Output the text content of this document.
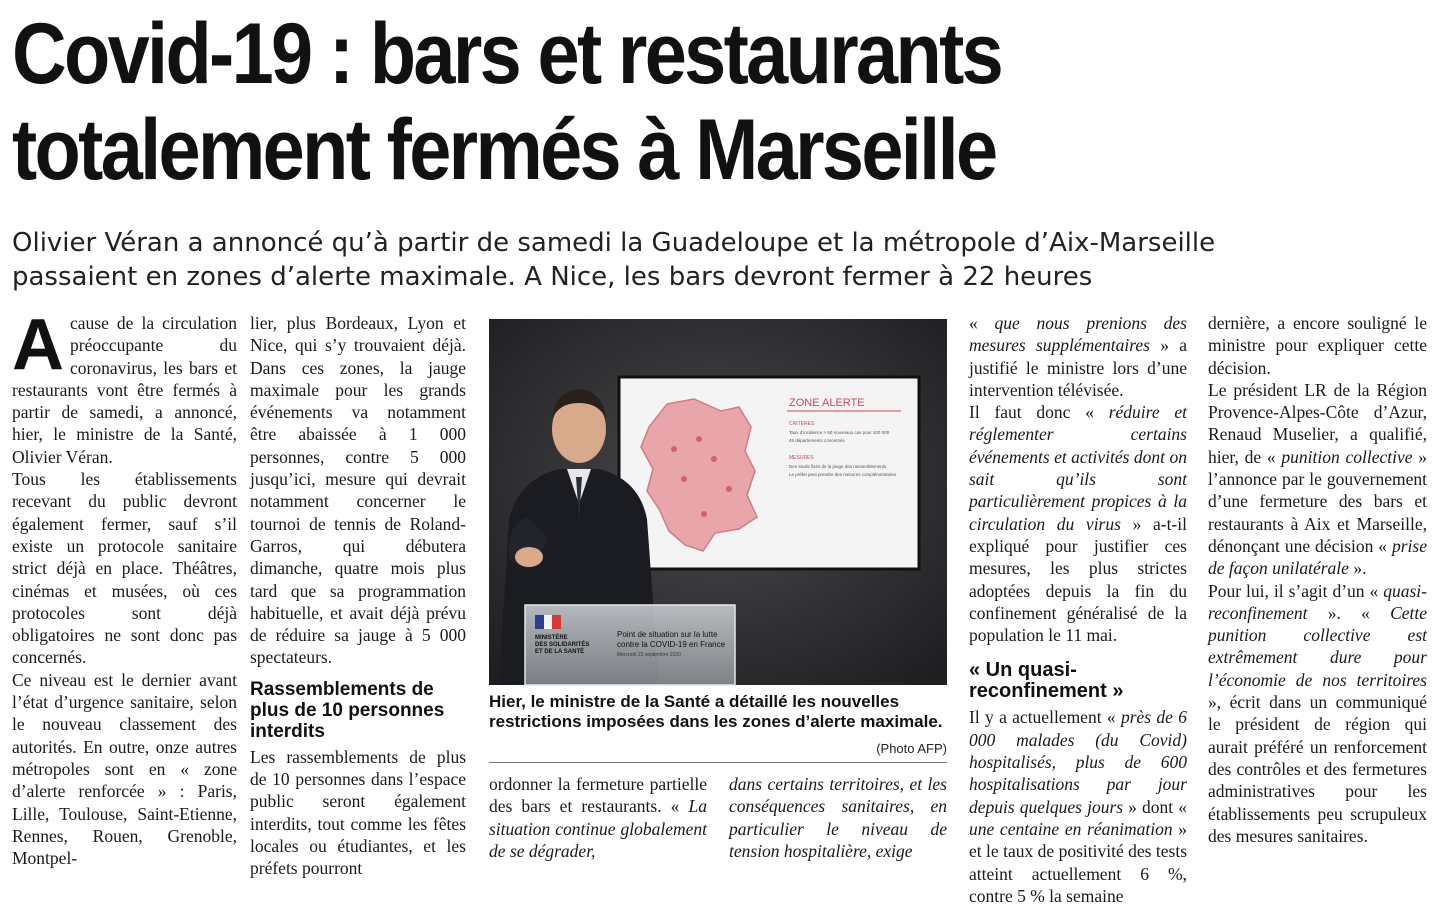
Covid-19 : bars et restaurants
totalement fermés à Marseille
Olivier Véran a annoncé qu’à partir de samedi la Guadeloupe et la métropole d’Aix-Marseille
passaient en zones d’alerte maximale. A Nice, les bars devront fermer à 22 heures

Acause de la circulation préoccupante du coronavirus, les bars et restaurants vont être fermés à partir de samedi, a annoncé, hier, le ministre de la Santé, Olivier Véran.

Tous les établissements recevant du public devront également fermer, sauf s’il existe un protocole sanitaire strict déjà en place. Théâtres, cinémas et musées, où ces protocoles sont déjà obligatoires ne sont donc pas concernés.

Ce niveau est le dernier avant l’état d’urgence sanitaire, selon le nouveau classement des autorités. En outre, onze autres métropoles sont en « zone d’alerte renforcée » : Paris, Lille, Toulouse, Saint-Etienne, Rennes, Rouen, Grenoble, Montpel-

lier, plus Bordeaux, Lyon et Nice, qui s’y trouvaient déjà. Dans ces zones, la jauge maximale pour les grands événements va notamment être abaissée à 1 000 personnes, contre 5 000 jusqu’ici, mesure qui devrait notamment concerner le tournoi de tennis de Roland-Garros, qui débutera dimanche, quatre mois plus tard que sa programmation habituelle, et avait déjà prévu de réduire sa jauge à 5 000 spectateurs.

Rassemblements de plus de 10 personnes interdits

Les rassemblements de plus de 10 personnes dans l’espace public seront également interdits, tout comme les fêtes locales ou étudiantes, et les préfets pourront

ZONE ALERTE
CRITÈRES
Taux d’incidence > 50 nouveaux cas pour 100 000
45 départements concernés
MESURES
Des seuils fixés de la jauge des rassemblements
Le préfet peut prendre des mesures complémentaires
MINISTÈRE
DES SOLIDARITÉS
ET DE LA SANTÉ
Point de situation sur la lutte
contre la COVID-19 en France
Mercredi 23 septembre 2020
Hier, le ministre de la Santé a détaillé les nouvelles restrictions imposées dans les zones d’alerte maximale.
(Photo AFP)

ordonner la fermeture partielle des bars et restaurants. « La situation continue globalement de se dégrader,

dans certains territoires, et les conséquences sanitaires, en particulier le niveau de tension hospitalière, exige

« que nous prenions des mesures supplémentaires » a justifié le ministre lors d’une intervention télévisée.

Il faut donc « réduire et réglementer certains événements et activités dont on sait qu’ils sont particulièrement propices à la circulation du virus » a-t-il expliqué pour justifier ces mesures, les plus strictes adoptées depuis la fin du confinement généralisé de la population le 11 mai.

« Un quasi-reconfinement »

Il y a actuellement « près de 6 000 malades (du Covid) hospitalisés, plus de 600 hospitalisations par jour depuis quelques jours » dont « une centaine en réanimation » et le taux de positivité des tests atteint actuellement 6 %, contre 5 % la semaine

dernière, a encore souligné le ministre pour expliquer cette décision.

Le président LR de la Région Provence-Alpes-Côte d’Azur, Renaud Muselier, a qualifié, hier, de « punition collective » l’annonce par le gouvernement d’une fermeture des bars et restaurants à Aix et Marseille, dénonçant une décision « prise de façon unilatérale ».

Pour lui, il s’agit d’un « quasi-reconfinement ». « Cette punition collective est extrêmement dure pour l’économie de nos territoires », écrit dans un communiqué le président de région qui aurait préféré un renforcement des contrôles et des fermetures administratives pour les établissements peu scrupuleux des mesures sanitaires.
